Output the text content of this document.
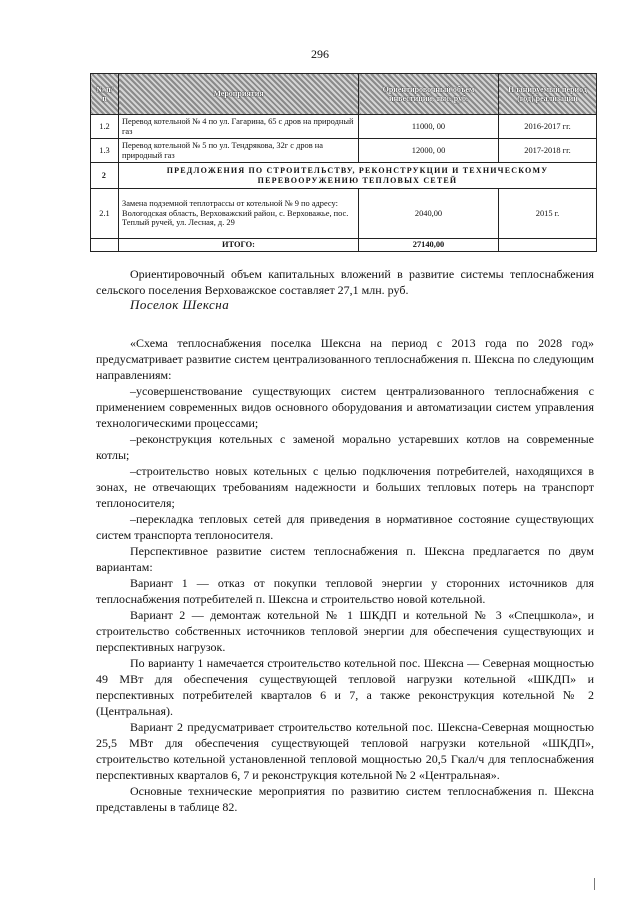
296
№ п/п	Мероприятия	Ориентировочный объем инвестиций, тыс. руб.	Планируемый период (год) реализации
1.2	Перевод котельной № 4 по ул. Гагарина, 65 с дров на природный газ	11000, 00	2016-2017 гг.
1.3	Перевод котельной № 5 по ул. Тендрякова, 32г с дров на природный газ	12000, 00	2017-2018 гг.
2	ПРЕДЛОЖЕНИЯ ПО СТРОИТЕЛЬСТВУ, РЕКОНСТРУКЦИИ И ТЕХНИЧЕСКОМУ ПЕРЕВООРУЖЕНИЮ ТЕПЛОВЫХ СЕТЕЙ		
2.1	Замена подземной теплотрассы от котельной № 9 по адресу: Вологодская область, Верховажский район, с. Верховажье, пос. Теплый ручей, ул. Лесная, д. 29	2040,00	2015 г.
	ИТОГО:	27140,00	

Ориентировочный объем капитальных вложений в развитие системы теплоснабжения сельского поселения Верховажское составляет 27,1 млн. руб.

Поселок Шексна

«Схема теплоснабжения поселка Шексна на период с 2013 года по 2028 год» предусматривает развитие систем централизованного теплоснабжения п. Шексна по следующим направлениям:

–усовершенствование существующих систем централизованного теплоснабжения с применением современных видов основного оборудования и автоматизации систем управления технологическими процессами;

–реконструкция котельных с заменой морально устаревших котлов на современные котлы;

–строительство новых котельных с целью подключения потребителей, находящихся в зонах, не отвечающих требованиям надежности и больших тепловых потерь на транспорт теплоносителя;

–перекладка тепловых сетей для приведения в нормативное состояние существующих систем транспорта теплоносителя.

Перспективное развитие систем теплоснабжения п. Шексна предлагается по двум вариантам:

Вариант 1 — отказ от покупки тепловой энергии у сторонних источников для теплоснабжения потребителей п. Шексна и строительство новой котельной.

Вариант 2 — демонтаж котельной № 1 ШКДП и котельной № 3 «Спецшкола», и строительство собственных источников тепловой энергии для обеспечения существующих и перспективных нагрузок.

По варианту 1 намечается строительство котельной пос. Шексна — Северная мощностью 49 МВт для обеспечения существующей тепловой нагрузки котельной «ШКДП» и перспективных потребителей кварталов 6 и 7, а также реконструкция котельной № 2 (Центральная).

Вариант 2 предусматривает строительство котельной пос. Шексна-Северная мощностью 25,5 МВт для обеспечения существующей тепловой нагрузки котельной «ШКДП», строительство котельной установленной тепловой мощностью 20,5 Гкал/ч для теплоснабжения перспективных кварталов 6, 7 и реконструкция котельной № 2 «Центральная».

Основные технические мероприятия по развитию систем теплоснабжения п. Шексна представлены в таблице 82.
